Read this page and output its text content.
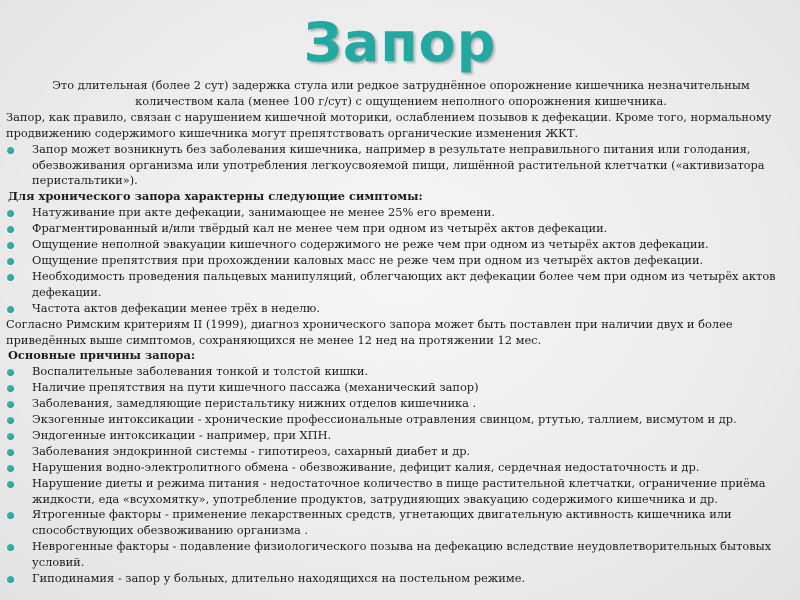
Запор

Это длительная (более 2 сут) задержка стула или редкое затруднённое опорожнение кишечника незначительным количеством кала (менее 100 г/сут) с ощущением неполного опорожнения кишечника.

Запор, как правило, связан с нарушением кишечной моторики, ослаблением позывов к дефекации. Кроме того, нормальному продвижению содержимого кишечника могут препятствовать органические изменения ЖКТ.

Запор может возникнуть без заболевания кишечника, например в результате неправильного питания или голодания, обезвоживания организма или употребления легкоусвояемой пищи, лишённой растительной клетчатки («активизатора перистальтики»).

Для хронического запора характерны следующие симптомы:

Натуживание при акте дефекации, занимающее не менее 25% его времени.
Фрагментированный и/или твёрдый кал не менее чем при одном из четырёх актов дефекации.
Ощущение неполной эвакуации кишечного содержимого не реже чем при одном из четырёх актов дефекации.
Ощущение препятствия при прохождении каловых масс не реже чем при одном из четырёх актов дефекации.
Необходимость проведения пальцевых манипуляций, облегчающих акт дефекации более чем при одном из четырёх актов дефекации.
Частота актов дефекации менее трёх в неделю.

Согласно Римским критериям II (1999), диагноз хронического запора может быть поставлен при наличии двух и более приведённых выше симптомов, сохраняющихся не менее 12 нед на протяжении 12 мес.

Основные причины запора:

Воспалительные заболевания тонкой и толстой кишки.
Наличие препятствия на пути кишечного пассажа (механический запор)
Заболевания, замедляющие перистальтику нижних отделов кишечника .
Экзогенные интоксикации - хронические профессиональные отравления свинцом, ртутью, таллием, висмутом и др.
Эндогенные интоксикации - например, при ХПН.
Заболевания эндокринной системы - гипотиреоз, сахарный диабет и др.
Нарушения водно-электролитного обмена - обезвоживание, дефицит калия, сердечная недостаточность и др.
Нарушение диеты и режима питания - недостаточное количество в пище растительной клетчатки, ограничение приёма жидкости, еда «всухомятку», употребление продуктов, затрудняющих эвакуацию содержимого кишечника и др.
Ятрогенные факторы - применение лекарственных средств, угнетающих двигательную активность кишечника или способствующих обезвоживанию организма .
Неврогенные факторы - подавление физиологического позыва на дефекацию вследствие неудовлетворительных бытовых условий.
Гиподинамия - запор у больных, длительно находящихся на постельном режиме.
